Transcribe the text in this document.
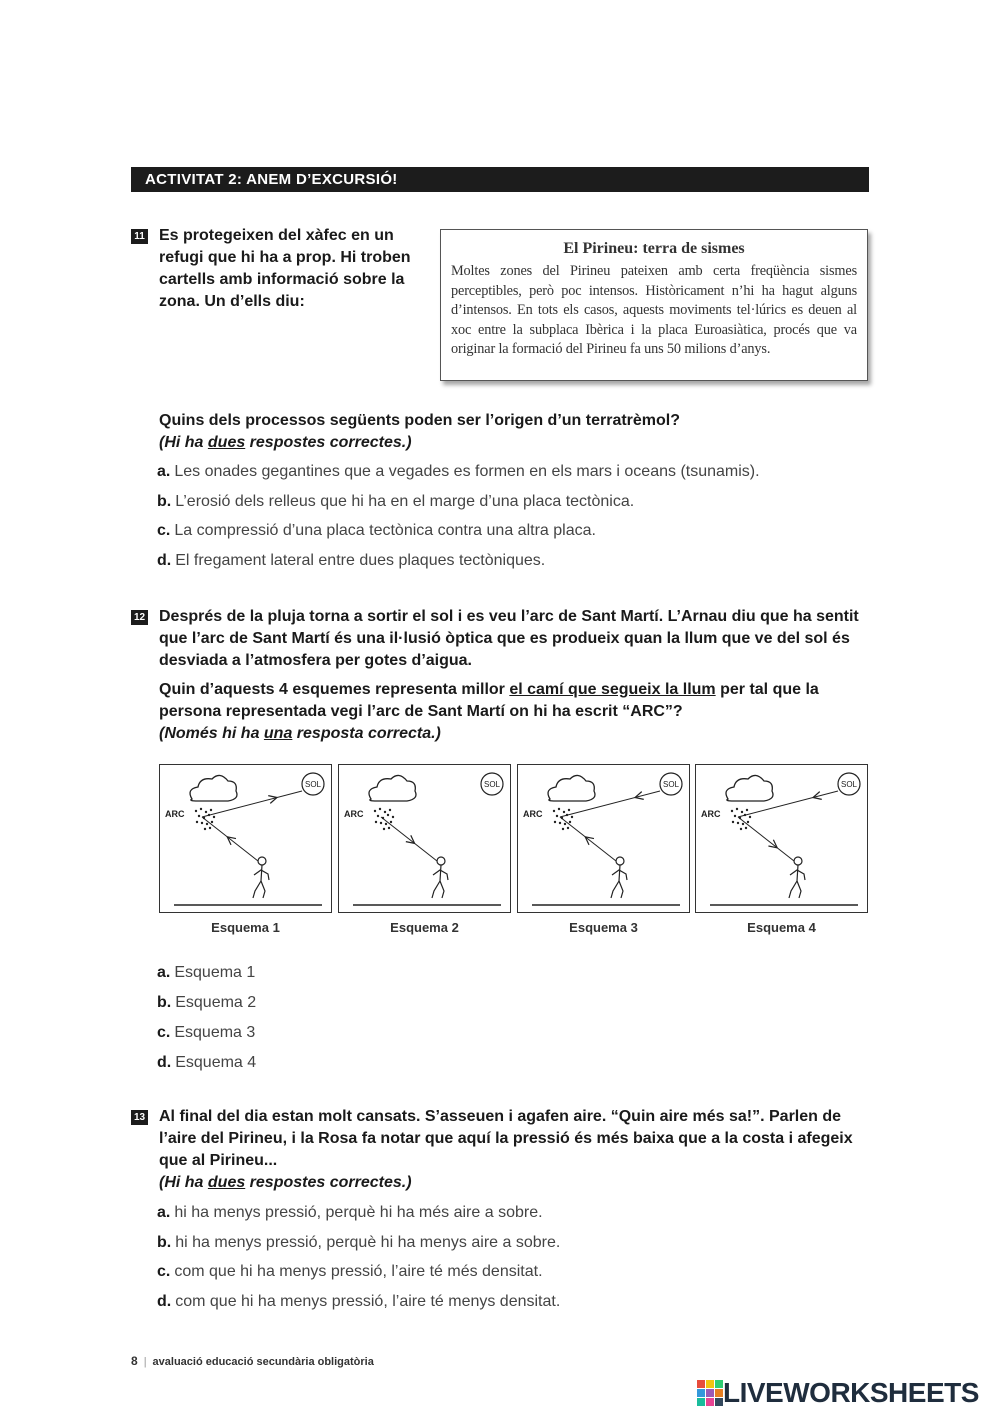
ACTIVITAT 2: ANEM D’EXCURSIÓ!
11 Es protegeixen del xàfec en un refugi que hi ha a prop. Hi troben cartells amb informació sobre la zona. Un d’ells diu:
El Pirineu: terra de sismes

Moltes zones del Pirineu pateixen amb certa freqüència sismes perceptibles, però poc intensos. Històricament n’hi ha hagut alguns d’intensos. En tots els casos, aquests moviments tel·lúrics es deuen al xoc entre la subplaca Ibèrica i la placa Euroasiàtica, procés que va originar la formació del Pirineu fa uns 50 milions d’anys.

Quins dels processos següents poden ser l’origen d’un terratrèmol?
(Hi ha dues respostes correctes.)
a. Les onades gegantines que a vegades es formen en els mars i oceans (tsunamis).
b. L’erosió dels relleus que hi ha en el marge d’una placa tectònica.
c. La compressió d’una placa tectònica contra una altra placa.
d. El fregament lateral entre dues plaques tectòniques.
12 Després de la pluja torna a sortir el sol i es veu l’arc de Sant Martí. L’Arnau diu que ha sentit que l’arc de Sant Martí és una il·lusió òptica que es produeix quan la llum que ve del sol és desviada a l’atmosfera per gotes d’aigua.
Quin d’aquests 4 esquemes representa millor el camí que segueix la llum per tal que la persona representada vegi l’arc de Sant Martí on hi ha escrit “ARC”?
(Només hi ha una resposta correcta.)
SOL
ARC
SOL
ARC
SOL
ARC
SOL
ARC
Esquema 1	Esquema 2	Esquema 3	Esquema 4
a. Esquema 1
b. Esquema 2
c. Esquema 3
d. Esquema 4
13 Al final del dia estan molt cansats. S’asseuen i agafen aire. “Quin aire més sa!”. Parlen de l’aire del Pirineu, i la Rosa fa notar que aquí la pressió és més baixa que a la costa i afegeix que al Pirineu...
(Hi ha dues respostes correctes.)
a. hi ha menys pressió, perquè hi ha més aire a sobre.
b. hi ha menys pressió, perquè hi ha menys aire a sobre.
c. com que hi ha menys pressió, l’aire té més densitat.
d. com que hi ha menys pressió, l’aire té menys densitat.
8 | avaluació educació secundària obligatòria
LIVEWORKSHEETS
